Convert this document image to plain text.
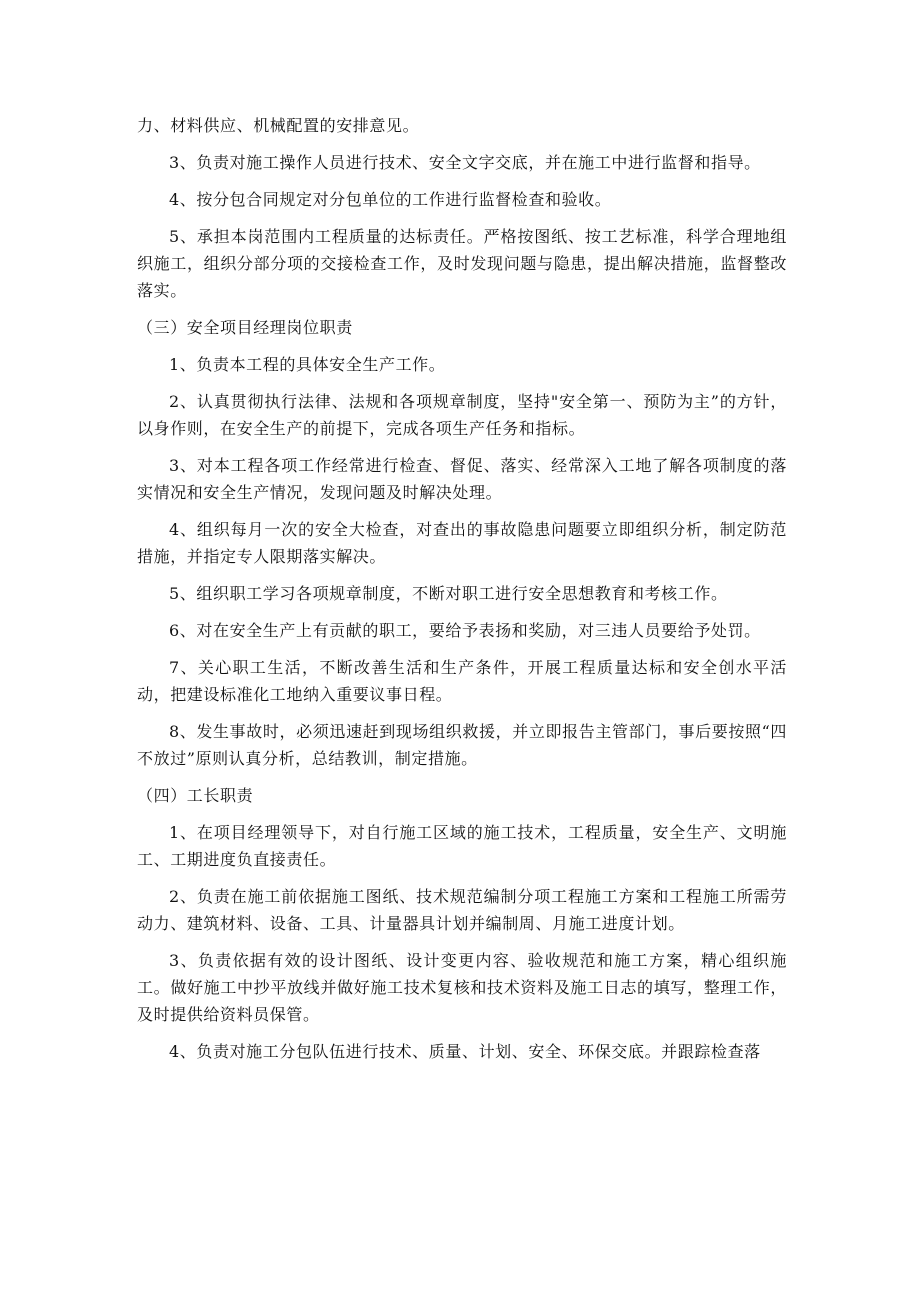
力、材料供应、机械配置的安排意见。

3、负责对施工操作人员进行技术、安全文字交底，并在施工中进行监督和指导。

4、按分包合同规定对分包单位的工作进行监督检查和验收。

5、承担本岗范围内工程质量的达标责任。严格按图纸、按工艺标准，科学合理地组织施工，组织分部分项的交接检查工作，及时发现问题与隐患，提出解决措施，监督整改落实。

（三）安全项目经理岗位职责

1、负责本工程的具体安全生产工作。

2、认真贯彻执行法律、法规和各项规章制度，坚持"安全第一、预防为主”的方针，以身作则，在安全生产的前提下，完成各项生产任务和指标。

3、对本工程各项工作经常进行检查、督促、落实、经常深入工地了解各项制度的落实情况和安全生产情况，发现问题及时解决处理。

4、组织每月一次的安全大检查，对查出的事故隐患问题要立即组织分析，制定防范措施，并指定专人限期落实解决。

5、组织职工学习各项规章制度，不断对职工进行安全思想教育和考核工作。

6、对在安全生产上有贡献的职工，要给予表扬和奖励，对三违人员要给予处罚。

7、关心职工生活，不断改善生活和生产条件，开展工程质量达标和安全创水平活动，把建设标准化工地纳入重要议事日程。

8、发生事故时，必须迅速赶到现场组织救援，并立即报告主管部门，事后要按照“四不放过”原则认真分析，总结教训，制定措施。

（四）工长职责

1、在项目经理领导下，对自行施工区域的施工技术，工程质量，安全生产、文明施工、工期进度负直接责任。

2、负责在施工前依据施工图纸、技术规范编制分项工程施工方案和工程施工所需劳动力、建筑材料、设备、工具、计量器具计划并编制周、月施工进度计划。

3、负责依据有效的设计图纸、设计变更内容、验收规范和施工方案，精心组织施工。做好施工中抄平放线并做好施工技术复核和技术资料及施工日志的填写，整理工作，及时提供给资料员保管。

4、负责对施工分包队伍进行技术、质量、计划、安全、环保交底。并跟踪检查落
